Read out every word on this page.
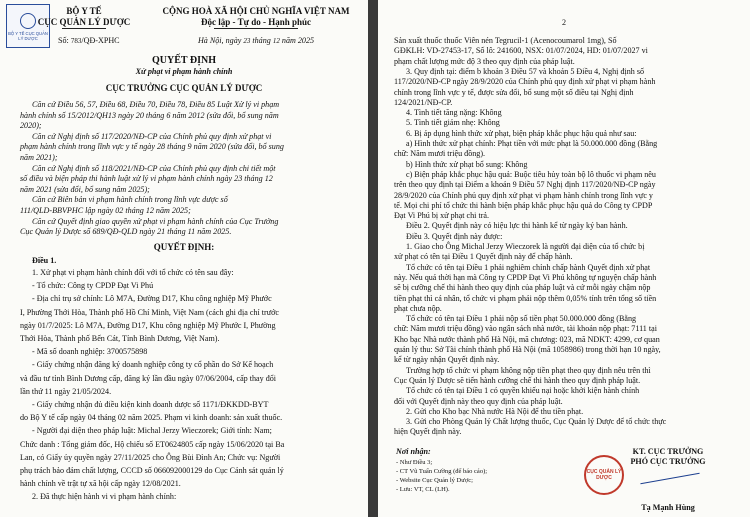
BỘ Y TẾ CỤC QUẢN LÝ DƯỢC
BỘ Y TẾ
CỤC QUẢN LÝ DƯỢC
Số: 783/QĐ-XPHC
CỘNG HOÀ XÃ HỘI CHỦ NGHĨA VIỆT NAM
Độc lập - Tự do - Hạnh phúc
Hà Nội, ngày 23 tháng 12 năm 2025
QUYẾT ĐỊNH
Xử phạt vi phạm hành chính
CỤC TRƯỞNG CỤC QUẢN LÝ DƯỢC
Căn cứ Điều 56, 57, Điều 68, Điều 70, Điều 78, Điều 85 Luật Xử lý vi phạm
hành chính số 15/2012/QH13 ngày 20 tháng 6 năm 2012 (sửa đổi, bổ sung năm
2020);
Căn cứ Nghị định số 117/2020/NĐ-CP của Chính phủ quy định xử phạt vi
phạm hành chính trong lĩnh vực y tế ngày 28 tháng 9 năm 2020 (sửa đổi, bổ sung
năm 2021);
Căn cứ Nghị định số 118/2021/NĐ-CP của Chính phủ quy định chi tiết một
số điều và biện pháp thi hành luật xử lý vi phạm hành chính ngày 23 tháng 12
năm 2021 (sửa đổi, bổ sung năm 2025);
Căn cứ Biên bản vi phạm hành chính trong lĩnh vực dược số
111/QLD-BBVPHC lập ngày 02 tháng 12 năm 2025;
Căn cứ Quyết định giao quyền xử phạt vi phạm hành chính của Cục Trưởng
Cục Quản lý Dược số 689/QĐ-QLD ngày 21 tháng 11 năm 2025.
QUYẾT ĐỊNH:
Điều 1.
1. Xử phạt vi phạm hành chính đối với tổ chức có tên sau đây:
- Tổ chức: Công ty CPDP Đạt Vi Phú
- Địa chỉ trụ sở chính: Lô M7A, Đường D17, Khu công nghiệp Mỹ Phước
I, Phường Thới Hòa, Thành phố Hồ Chí Minh, Việt Nam (cách ghi địa chỉ trước
ngày 01/7/2025: Lô M7A, Đường D17, Khu công nghiệp Mỹ Phước I, Phường
Thới Hòa, Thành phố Bến Cát, Tỉnh Bình Dương, Việt Nam).
- Mã số doanh nghiệp: 3700575898
- Giấy chứng nhận đăng ký doanh nghiệp công ty cổ phần do Sở Kế hoạch
và đầu tư tỉnh Bình Dương cấp, đăng ký lần đầu ngày 07/06/2004, cấp thay đổi
lần thứ 11 ngày 21/05/2024.
- Giấy chứng nhận đủ điều kiện kinh doanh dược số 1171/ĐKKDD-BYT
do Bộ Y tế cấp ngày 04 tháng 02 năm 2025. Phạm vi kinh doanh: sản xuất thuốc.
- Người đại diện theo pháp luật: Michal Jerzy Wieczorek; Giới tính: Nam;
Chức danh : Tổng giám đốc, Hộ chiếu số ET0624805 cấp ngày 15/06/2020 tại Ba
Lan, có Giấy ủy quyền ngày 27/11/2025 cho Ông Bùi Đình An; Chức vụ: Người
phụ trách bảo đảm chất lượng, CCCD số 066092000129 do Cục Cảnh sát quản lý
hành chính về trật tự xã hội cấp ngày 12/08/2021.
2. Đã thực hiện hành vi vi phạm hành chính:
2
Sản xuất thuốc thuốc Viên nén Tegrucil-1 (Acenocoumarol 1mg), Số
GĐKLH: VD-27453-17, Số lô: 241600, NSX: 01/07/2024, HD: 01/07/2027 vi
phạm chất lượng mức độ 3 theo quy định của pháp luật.
3. Quy định tại: điểm b khoản 3 Điều 57 và khoản 5 Điều 4, Nghị định số
117/2020/NĐ-CP ngày 28/9/2020 của Chính phủ quy định xử phạt vi phạm hành
chính trong lĩnh vực y tế, được sửa đổi, bổ sung một số điều tại Nghị định
124/2021/NĐ-CP.
4. Tình tiết tăng nặng: Không
5. Tình tiết giảm nhẹ: Không
6. Bị áp dụng hình thức xử phạt, biện pháp khắc phục hậu quả như sau:
a) Hình thức xử phạt chính: Phạt tiền với mức phạt là 50.000.000 đồng (Bằng
chữ: Năm mươi triệu đồng).
b) Hình thức xử phạt bổ sung: Không
c) Biện pháp khắc phục hậu quả: Buộc tiêu hủy toàn bộ lô thuốc vi phạm nêu
trên theo quy định tại Điểm a khoản 9 Điều 57 Nghị định 117/2020/NĐ-CP ngày
28/9/2020 của Chính phủ quy định xử phạt vi phạm hành chính trong lĩnh vực y
tế. Mọi chi phí tổ chức thi hành biện pháp khắc phục hậu quả do Công ty CPDP
Đạt Vi Phú bị xử phạt chi trả.
Điều 2. Quyết định này có hiệu lực thi hành kể từ ngày ký ban hành.
Điều 3. Quyết định này được:
1. Giao cho Ông Michal Jerzy Wieczorek là người đại diện của tổ chức bị
xử phạt có tên tại Điều 1 Quyết định này để chấp hành.
Tổ chức có tên tại Điều 1 phải nghiêm chỉnh chấp hành Quyết định xử phạt
này. Nếu quá thời hạn mà Công ty CPDP Đạt Vi Phú không tự nguyện chấp hành
sẽ bị cưỡng chế thi hành theo quy định của pháp luật và cứ mỗi ngày chậm nộp
tiền phạt thì cá nhân, tổ chức vi phạm phải nộp thêm 0,05% tính trên tổng số tiền
phạt chưa nộp.
Tổ chức có tên tại Điều 1 phải nộp số tiền phạt 50.000.000 đồng (Bằng
chữ: Năm mươi triệu đồng) vào ngân sách nhà nước, tài khoản nộp phạt: 7111 tại
Kho bạc Nhà nước thành phố Hà Nội, mã chương: 023, mã NDKT: 4299, cơ quan
quản lý thu: Sở Tài chính thành phố Hà Nội (mã 1058986) trong thời hạn 10 ngày,
kể từ ngày nhận Quyết định này.
Trường hợp tổ chức vi phạm không nộp tiền phạt theo quy định nêu trên thì
Cục Quản lý Dược sẽ tiến hành cưỡng chế thi hành theo quy định pháp luật.
Tổ chức có tên tại Điều 1 có quyền khiếu nại hoặc khởi kiện hành chính
đối với Quyết định này theo quy định của pháp luật.
2. Gửi cho Kho bạc Nhà nước Hà Nội để thu tiền phạt.
3. Gửi cho Phòng Quản lý Chất lượng thuốc, Cục Quản lý Dược để tổ chức thực
hiện Quyết định này.
Nơi nhận:
- Như Điều 3;
- CT Vũ Tuấn Cường (để báo cáo);
- Website Cục Quản lý Dược;
- Lưu: VT, CL (LH).
KT. CỤC TRƯỞNG
PHÓ CỤC TRƯỞNG
CỤC QUẢN LÝ DƯỢC
Tạ Mạnh Hùng
